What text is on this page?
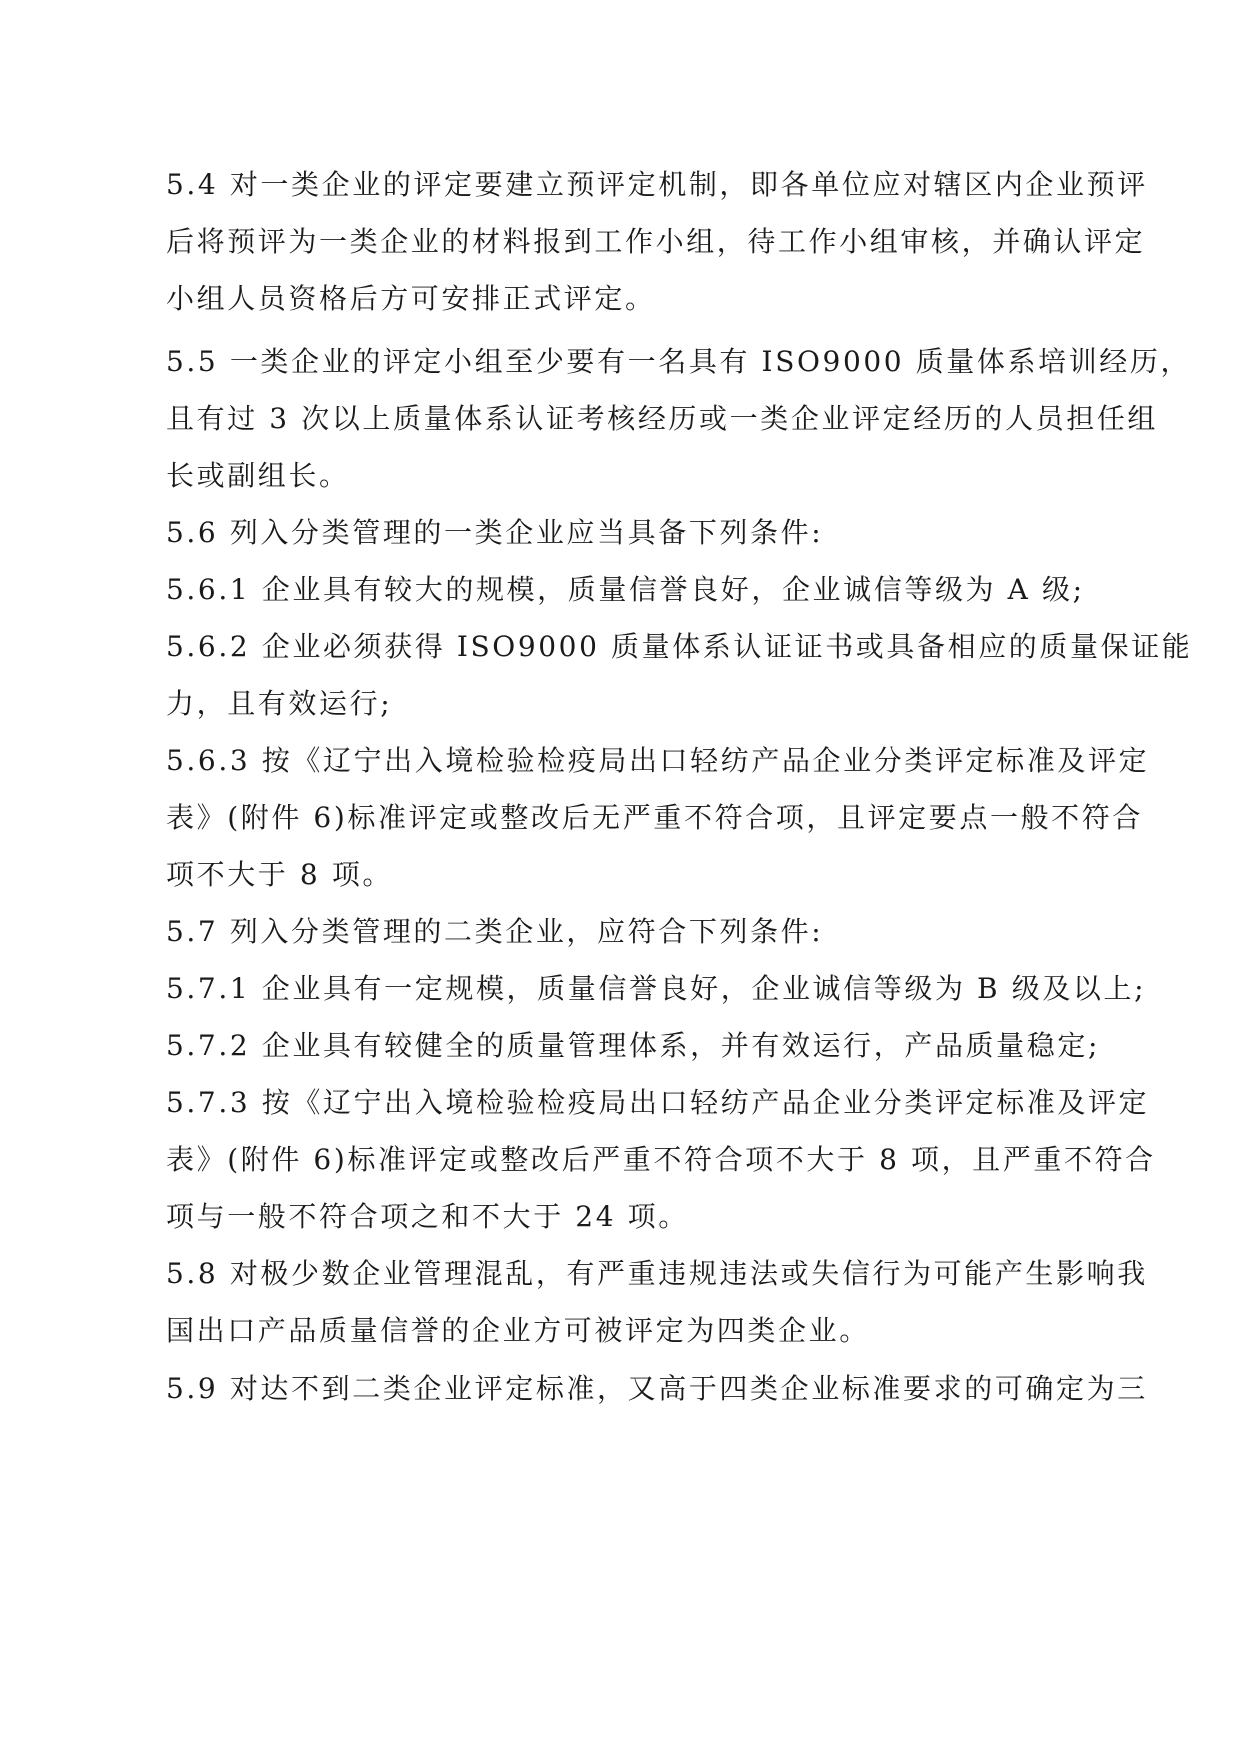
5.4 对一类企业的评定要建立预评定机制，即各单位应对辖区内企业预评
后将预评为一类企业的材料报到工作小组，待工作小组审核，并确认评定
小组人员资格后方可安排正式评定。
5.5 一类企业的评定小组至少要有一名具有 ISO9000 质量体系培训经历，
且有过 3 次以上质量体系认证考核经历或一类企业评定经历的人员担任组
长或副组长。
5.6 列入分类管理的一类企业应当具备下列条件:
5.6.1 企业具有较大的规模，质量信誉良好，企业诚信等级为 A 级;
5.6.2 企业必须获得 ISO9000 质量体系认证证书或具备相应的质量保证能
力，且有效运行;
5.6.3 按《辽宁出入境检验检疫局出口轻纺产品企业分类评定标准及评定
表》(附件 6)标准评定或整改后无严重不符合项，且评定要点一般不符合
项不大于 8 项。
5.7 列入分类管理的二类企业，应符合下列条件:
5.7.1 企业具有一定规模，质量信誉良好，企业诚信等级为 B 级及以上;
5.7.2 企业具有较健全的质量管理体系，并有效运行，产品质量稳定;
5.7.3 按《辽宁出入境检验检疫局出口轻纺产品企业分类评定标准及评定
表》(附件 6)标准评定或整改后严重不符合项不大于 8 项，且严重不符合
项与一般不符合项之和不大于 24 项。
5.8 对极少数企业管理混乱，有严重违规违法或失信行为可能产生影响我
国出口产品质量信誉的企业方可被评定为四类企业。
5.9 对达不到二类企业评定标准，又高于四类企业标准要求的可确定为三
